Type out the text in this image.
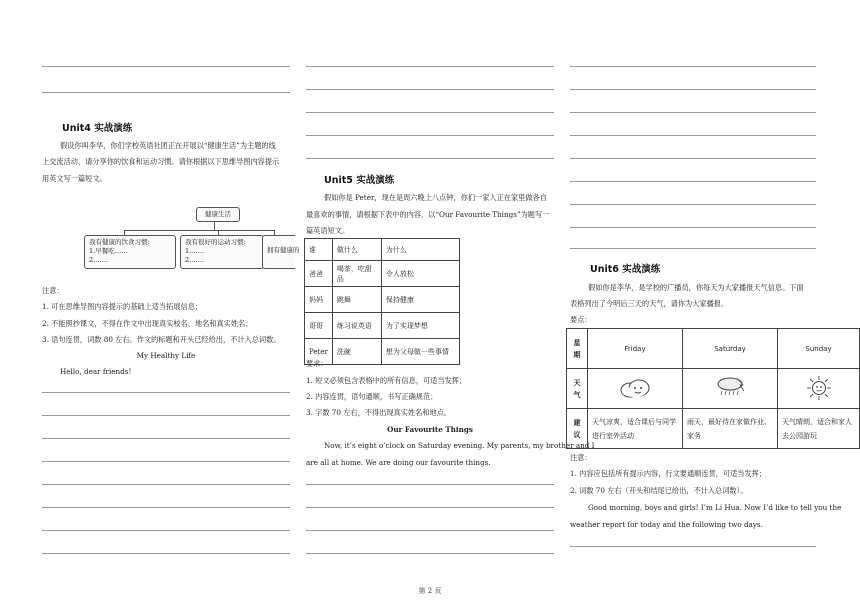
Unit4 实战演练
假设你叫李华，你们学校英语社团正在开展以“健康生活”为主题的线
上交流活动，请分享你的饮食和运动习惯。请你根据以下思维导图内容提示
用英文写一篇短文。
健康生活
我有健康的饮食习惯:
1.早餐吃……
2.……
我有很好的运动习惯:
1.……
2.……
拥有健康的
注意：
1. 可在思维导图内容提示的基础上适当拓展信息；
2. 不能照抄课文，不得在作文中出现真实校名、地名和真实姓名；
3. 语句连贯，词数 80 左右。作文的标题和开头已经给出，不计入总词数。
My Healthy Life
Hello, dear friends!
Unit5 实战演练
假如你是 Peter，现在是周六晚上八点钟，你们一家人正在家里做各自
最喜欢的事情，请根据下表中的内容，以“Our Favourite Things”为题写一
篇英语短文。
谁	做什么	为什么
爸爸	喝茶，吃甜品	令人放松
妈妈	跳舞	保持健康
哥哥	练习说英语	为了实现梦想
Peter	洗碗	想为父母做一些事情
要求：
1. 短文必须包含表格中的所有信息，可适当发挥；
2. 内容连贯，语句通顺，书写正确规范；
3. 字数 70 左右，不得出现真实姓名和地点。
Our Favourite Things
Now, it’s eight o’clock on Saturday evening. My parents, my brother and I
are all at home. We are doing our favourite things.
Unit6 实战演练
假如你是李华，是学校的广播员，你每天为大家播报天气信息。下面
表格列出了今明后三天的天气，请你为大家播报。
要点：
星期	Friday	Saturday	Sunday
天气			
建议	天气凉爽，适合课后与同学进行室外活动	雨天，最好待在家做作业、家务	天气晴朗，适合和家人去公园游玩
注意：
1. 内容应包括所有提示内容，行文要通顺连贯，可适当发挥；
2. 词数 70 左右（开头和结尾已给出，不计入总词数）。
Good morning, boys and girls! I’m Li Hua. Now I’d like to tell you the
weather report for today and the following two days.
第 2 页
